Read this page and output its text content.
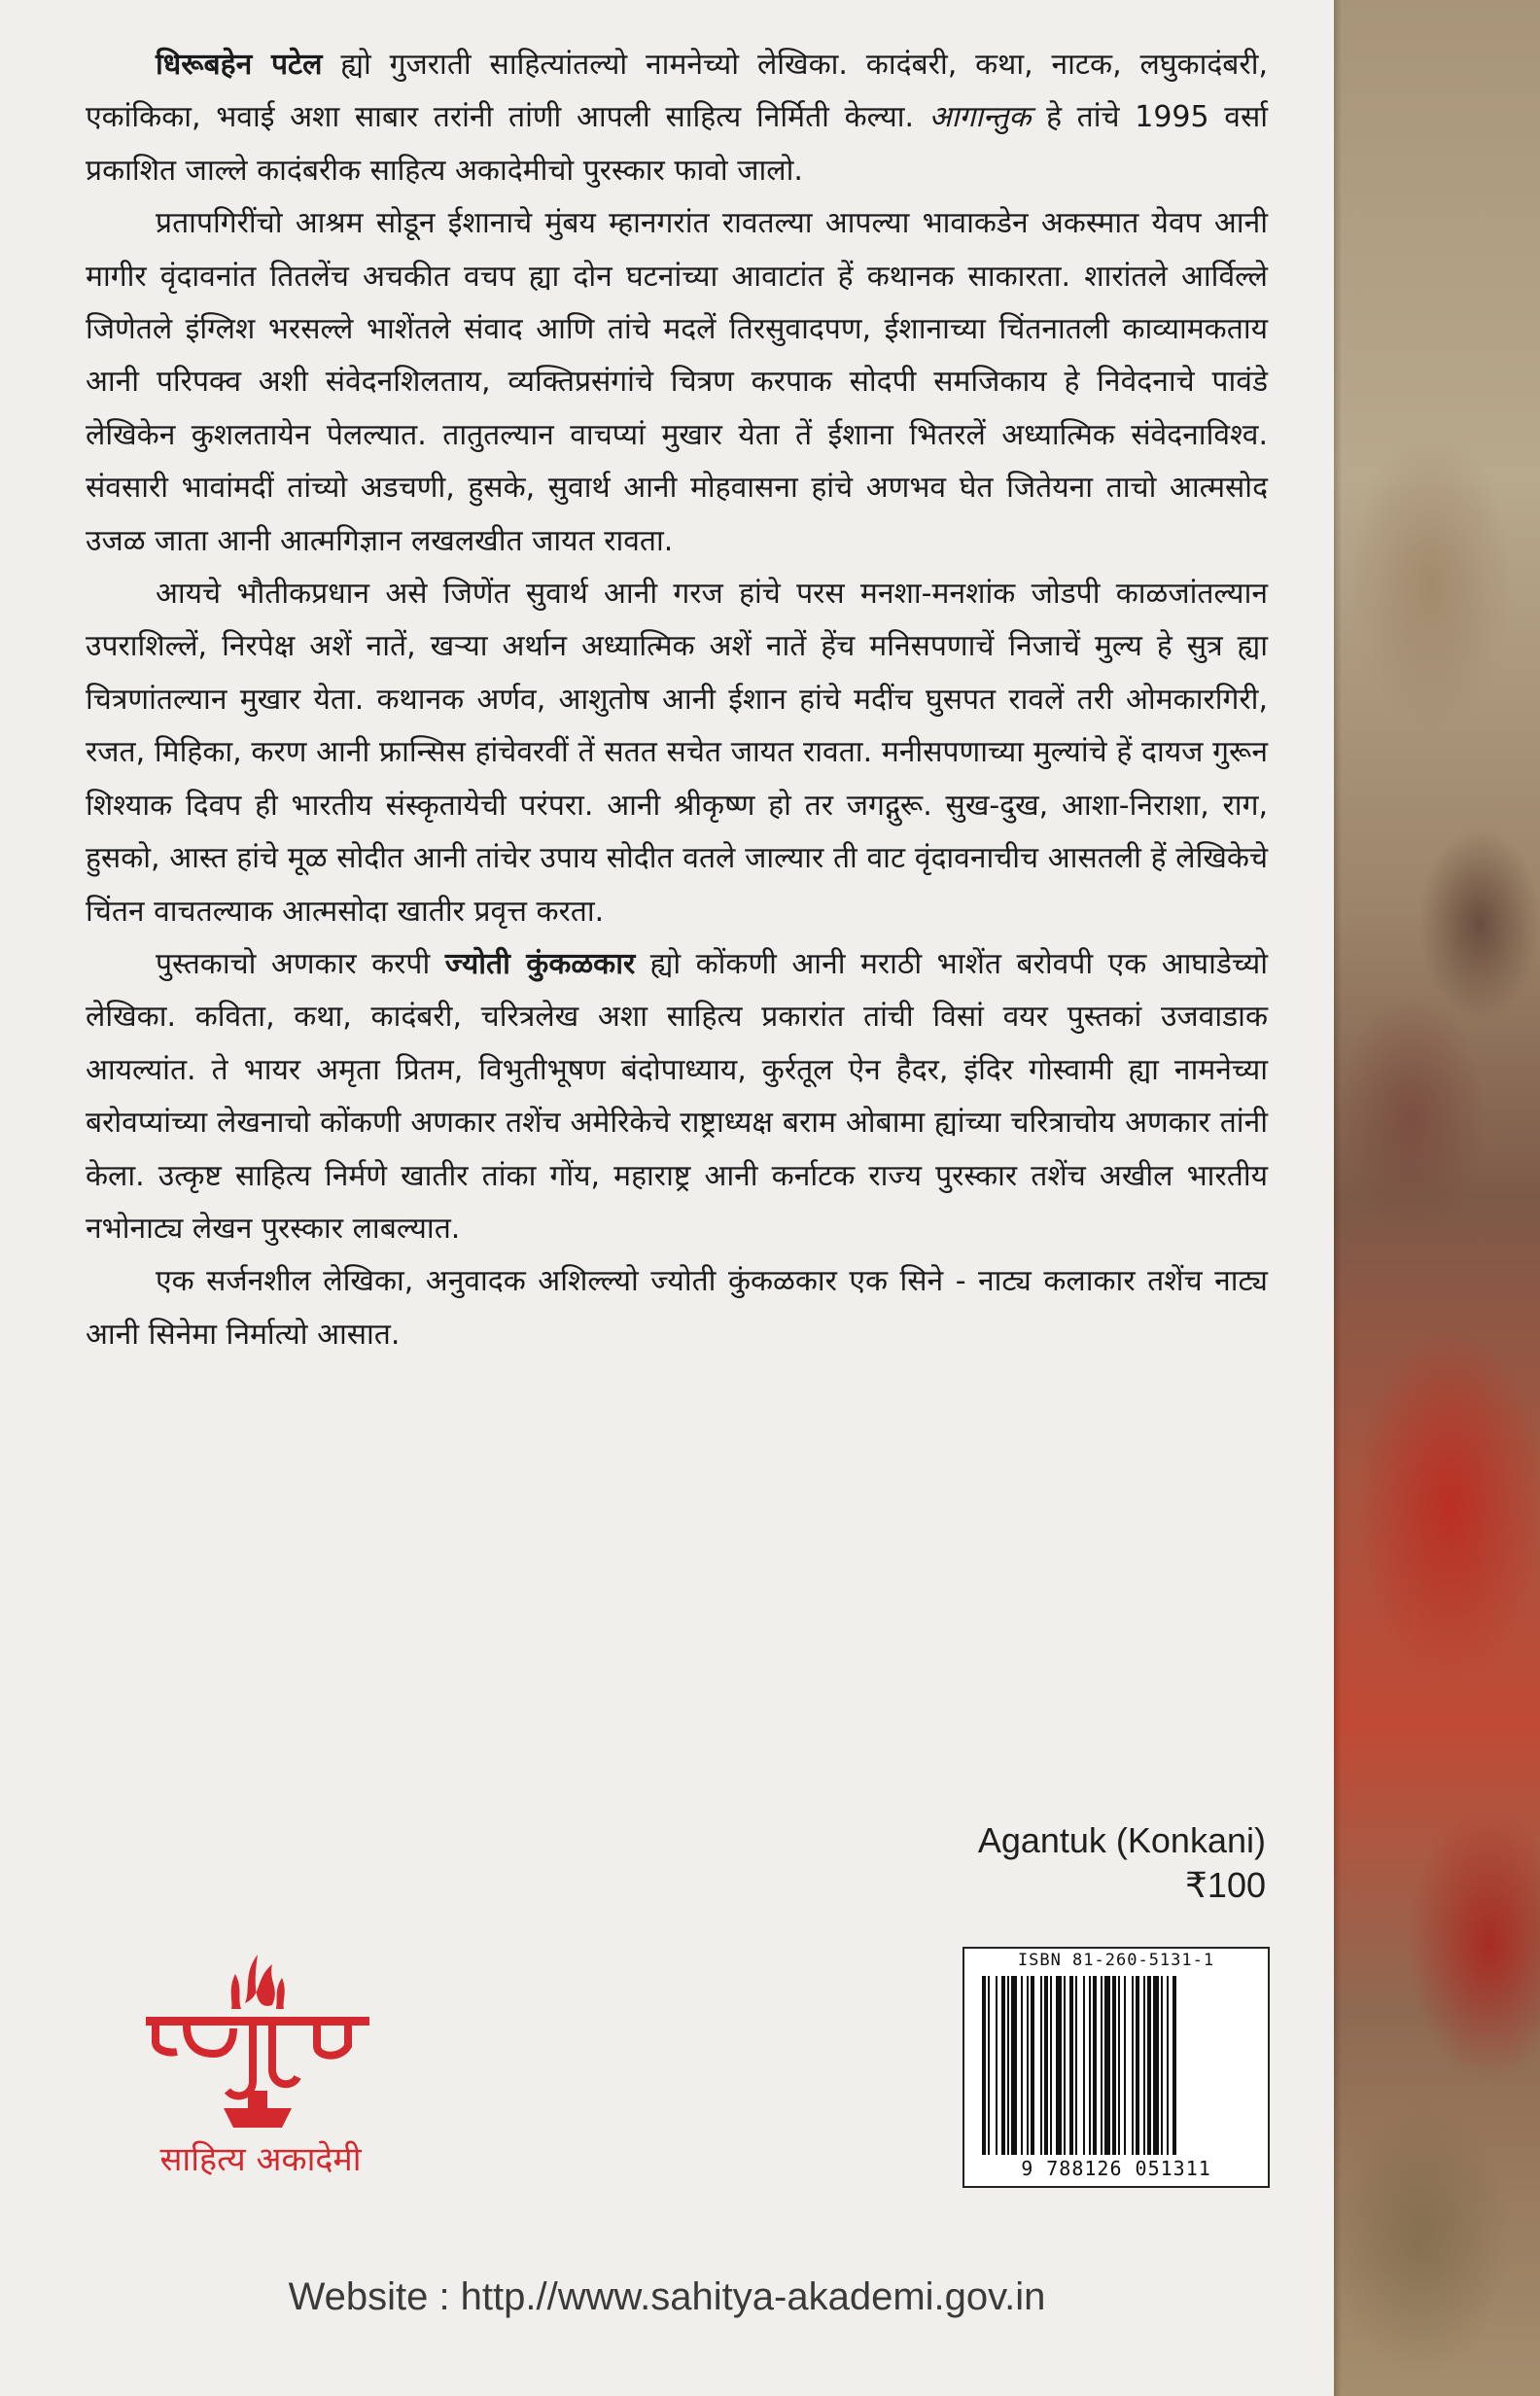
धिरूबहेन पटेल ह्यो गुजराती साहित्यांतल्यो नामनेच्यो लेखिका. कादंबरी, कथा, नाटक, लघुकादंबरी, एकांकिका, भवाई अशा साबार तरांनी तांणी आपली साहित्य निर्मिती केल्या. आगान्तुक हे तांचे 1995 वर्सा प्रकाशित जाल्ले कादंबरीक साहित्य अकादेमीचो पुरस्कार फावो जालो.

प्रतापगिरींचो आश्रम सोडून ईशानाचे मुंबय म्हानगरांत रावतल्या आपल्या भावाकडेन अकस्मात येवप आनी मागीर वृंदावनांत तितलेंच अचकीत वचप ह्या दोन घटनांच्या आवाटांत हें कथानक साकारता. शारांतले आर्विल्ले जिणेतले इंग्लिश भरसल्ले भाशेंतले संवाद आणि तांचे मदलें तिरसुवादपण, ईशानाच्या चिंतनातली काव्यामकताय आनी परिपक्व अशी संवेदनशिलताय, व्यक्तिप्रसंगांचे चित्रण करपाक सोदपी समजिकाय हे निवेदनाचे पावंडे लेखिकेन कुशलतायेन पेलल्यात. तातुतल्यान वाचप्यां मुखार येता तें ईशाना भितरलें अध्यात्मिक संवेदनाविश्व. संवसारी भावांमदीं तांच्यो अडचणी, हुसके, सुवार्थ आनी मोहवासना हांचे अणभव घेत जितेयना ताचो आत्मसोद उजळ जाता आनी आत्मगिज्ञान लखलखीत जायत रावता.

आयचे भौतीकप्रधान असे जिणेंत सुवार्थ आनी गरज हांचे परस मनशा-मनशांक जोडपी काळजांतल्यान उपराशिल्लें, निरपेक्ष अशें नातें, खऱ्या अर्थान अध्यात्मिक अशें नातें हेंच मनिसपणाचें निजाचें मुल्य हे सुत्र ह्या चित्रणांतल्यान मुखार येता. कथानक अर्णव, आशुतोष आनी ईशान हांचे मदींच घुसपत रावलें तरी ओमकारगिरी, रजत, मिहिका, करण आनी फ्रान्सिस हांचेवरवीं तें सतत सचेत जायत रावता. मनीसपणाच्या मुल्यांचे हें दायज गुरून शिश्याक दिवप ही भारतीय संस्कृतायेची परंपरा. आनी श्रीकृष्ण हो तर जगद्गुरू. सुख-दुख, आशा-निराशा, राग, हुसको, आस्त हांचे मूळ सोदीत आनी तांचेर उपाय सोदीत वतले जाल्यार ती वाट वृंदावनाचीच आसतली हें लेखिकेचे चिंतन वाचतल्याक आत्मसोदा खातीर प्रवृत्त करता.

पुस्तकाचो अणकार करपी ज्योती कुंकळकार ह्यो कोंकणी आनी मराठी भाशेंत बरोवपी एक आघाडेच्यो लेखिका. कविता, कथा, कादंबरी, चरित्रलेख अशा साहित्य प्रकारांत तांची विसां वयर पुस्तकां उजवाडाक आयल्यांत. ते भायर अमृता प्रितम, विभुतीभूषण बंदोपाध्याय, कुर्रतूल ऐन हैदर, इंदिर गोस्वामी ह्या नामनेच्या बरोवप्यांच्या लेखनाचो कोंकणी अणकार तशेंच अमेरिकेचे राष्ट्राध्यक्ष बराम ओबामा ह्यांच्या चरित्राचोय अणकार तांनी केला. उत्कृष्ट साहित्य निर्मणे खातीर तांका गोंय, महाराष्ट्र आनी कर्नाटक राज्य पुरस्कार तशेंच अखील भारतीय नभोनाट्य लेखन पुरस्कार लाबल्यात.

एक सर्जनशील लेखिका, अनुवादक अशिल्ल्यो ज्योती कुंकळकार एक सिने - नाट्य कलाकार तशेंच नाट्य आनी सिनेमा निर्मात्यो आसात.

Agantuk (Konkani)
₹100
साहित्य अकादेमी
ISBN 81-260-5131-1
9 788126 051311
Website : http.//www.sahitya-akademi.gov.in
